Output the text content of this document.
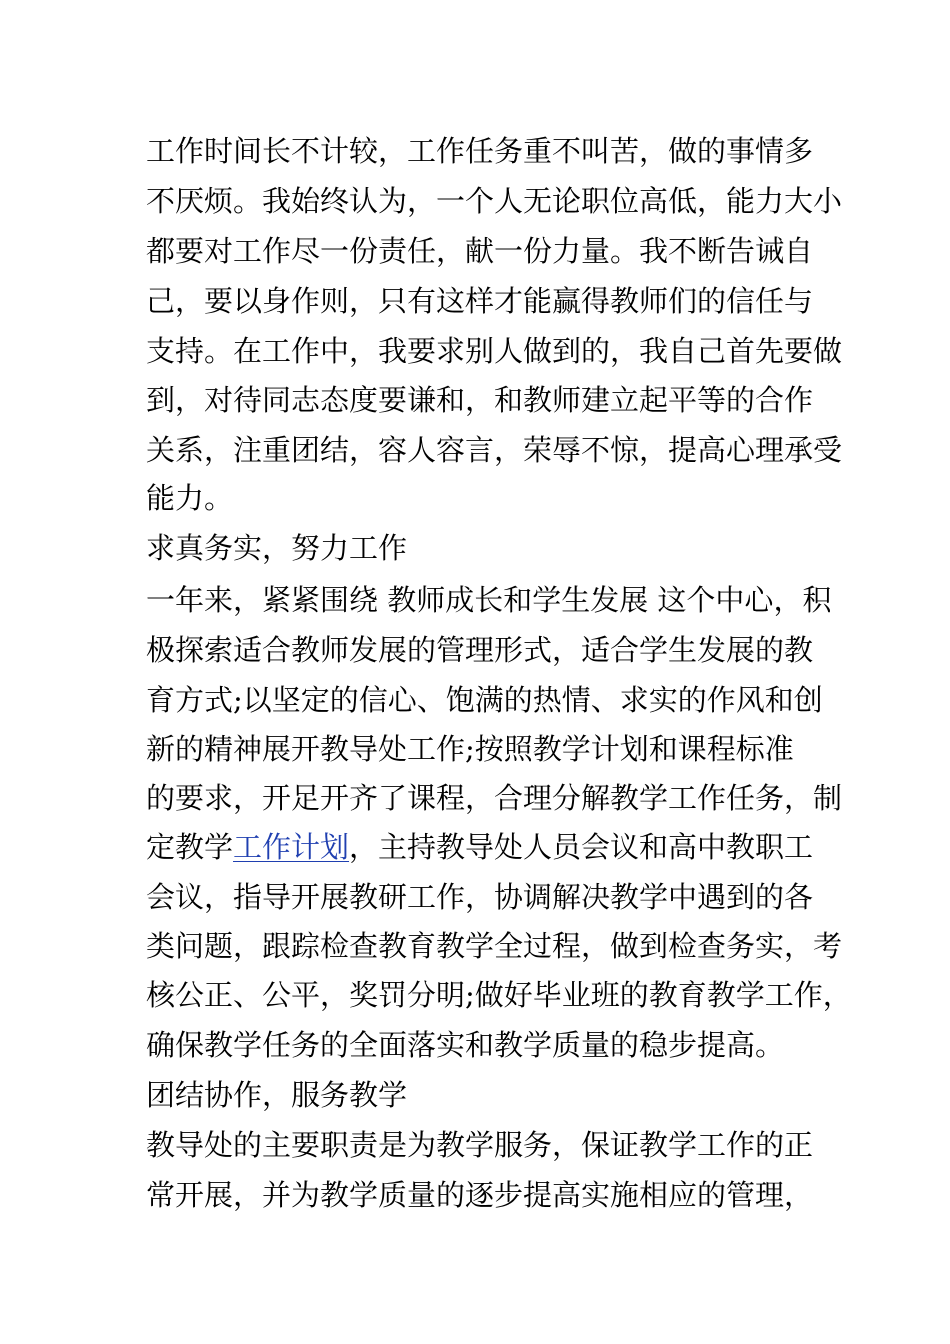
工作时间长不计较，工作任务重不叫苦，做的事情多
不厌烦。我始终认为，一个人无论职位高低，能力大小
都要对工作尽一份责任，献一份力量。我不断告诫自
己，要以身作则，只有这样才能赢得教师们的信任与
支持。在工作中，我要求别人做到的，我自己首先要做
到，对待同志态度要谦和，和教师建立起平等的合作
关系，注重团结，容人容言，荣辱不惊，提高心理承受
能力。
求真务实，努力工作
一年来，紧紧围绕 教师成长和学生发展 这个中心，积
极探索适合教师发展的管理形式，适合学生发展的教
育方式;以坚定的信心、饱满的热情、求实的作风和创
新的精神展开教导处工作;按照教学计划和课程标准
的要求，开足开齐了课程，合理分解教学工作任务，制
定教学工作计划，主持教导处人员会议和高中教职工
会议，指导开展教研工作，协调解决教学中遇到的各
类问题，跟踪检查教育教学全过程，做到检查务实，考
核公正、公平，奖罚分明;做好毕业班的教育教学工作，
确保教学任务的全面落实和教学质量的稳步提高。
团结协作，服务教学
教导处的主要职责是为教学服务，保证教学工作的正
常开展，并为教学质量的逐步提高实施相应的管理，
